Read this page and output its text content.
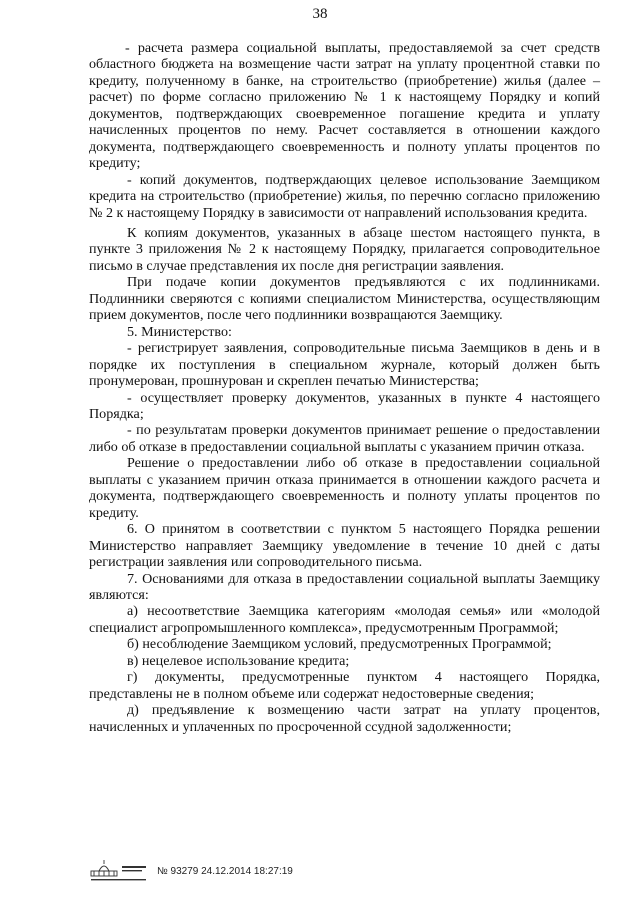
38

- расчета размера социальной выплаты, предоставляемой за счет средств областного бюджета на возмещение части затрат на уплату процентной ставки по кредиту, полученному в банке, на строительство (приобретение) жилья (далее – расчет) по форме согласно приложению № 1 к настоящему Порядку и копий документов, подтверждающих своевременное погашение кредита и уплату начисленных процентов по нему. Расчет составляется в отношении каждого документа, подтверждающего своевременность и полноту уплаты процентов по кредиту;

- копий документов, подтверждающих целевое использование Заемщиком кредита на строительство (приобретение) жилья, по перечню согласно приложению № 2 к настоящему Порядку в зависимости от направлений использования кредита.

К копиям документов, указанных в абзаце шестом настоящего пункта, в пункте 3 приложения № 2 к настоящему Порядку, прилагается сопроводительное письмо в случае представления их после дня регистрации заявления.

При подаче копии документов предъявляются с их подлинниками. Подлинники сверяются с копиями специалистом Министерства, осуществляющим прием документов, после чего подлинники возвращаются Заемщику.

5. Министерство:

- регистрирует заявления, сопроводительные письма Заемщиков в день и в порядке их поступления в специальном журнале, который должен быть пронумерован, прошнурован и скреплен печатью Министерства;

- осуществляет проверку документов, указанных в пункте 4 настоящего Порядка;

- по результатам проверки документов принимает решение о предоставлении либо об отказе в предоставлении социальной выплаты с указанием причин отказа.

Решение о предоставлении либо об отказе в предоставлении социальной выплаты с указанием причин отказа принимается в отношении каждого расчета и документа, подтверждающего своевременность и полноту уплаты процентов по кредиту.

6. О принятом в соответствии с пунктом 5 настоящего Порядка решении Министерство направляет Заемщику уведомление в течение 10 дней с даты регистрации заявления или сопроводительного письма.

7. Основаниями для отказа в предоставлении социальной выплаты Заемщику являются:

а) несоответствие Заемщика категориям «молодая семья» или «молодой специалист агропромышленного комплекса», предусмотренным Программой;

б) несоблюдение Заемщиком условий, предусмотренных Программой;

в) нецелевое использование кредита;

г) документы, предусмотренные пунктом 4 настоящего Порядка, представлены не в полном объеме или содержат недостоверные сведения;

д) предъявление к возмещению части затрат на уплату процентов, начисленных и уплаченных по просроченной ссудной задолженности;

№ 93279 24.12.2014 18:27:19
